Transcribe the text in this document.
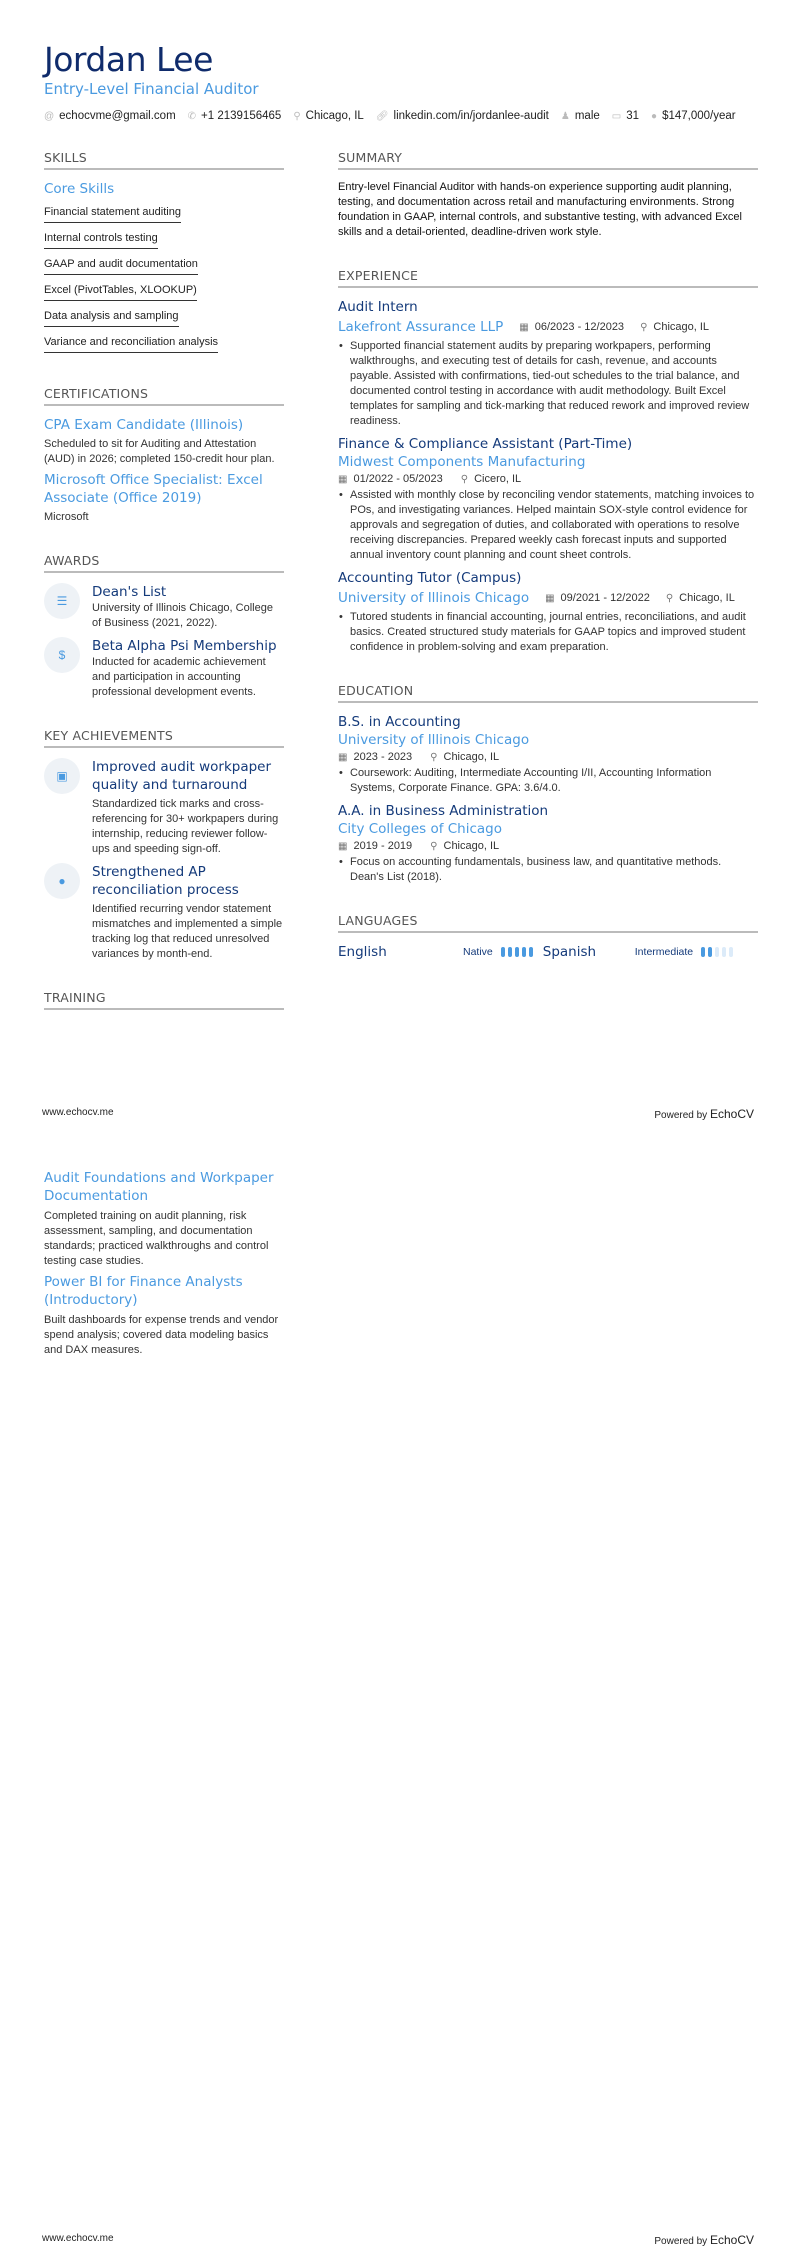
Jordan Lee
Entry-Level Financial Auditor
@ echocvme@gmail.com ✆ +1 2139156465 ⚲ Chicago, IL 🔗︎ linkedin.com/in/jordanlee-audit ♟ male ▭ 31 ● $147,000/year
SKILLS
Core Skills
Financial statement auditing
Internal controls testing
GAAP and audit documentation
Excel (PivotTables, XLOOKUP)
Data analysis and sampling
Variance and reconciliation analysis
CERTIFICATIONS
CPA Exam Candidate (Illinois)
Scheduled to sit for Auditing and Attestation (AUD) in 2026; completed 150-credit hour plan.
Microsoft Office Specialist: Excel Associate (Office 2019)
Microsoft
AWARDS
☰
Dean's List
University of Illinois Chicago, College of Business (2021, 2022).
$
Beta Alpha Psi Membership
Inducted for academic achievement and participation in accounting professional development events.
KEY ACHIEVEMENTS
▣
Improved audit workpaper quality and turnaround
Standardized tick marks and cross-referencing for 30+ workpapers during internship, reducing reviewer follow-ups and speeding sign-off.
●
Strengthened AP reconciliation process
Identified recurring vendor statement mismatches and implemented a simple tracking log that reduced unresolved variances by month-end.
TRAINING
SUMMARY
Entry-level Financial Auditor with hands-on experience supporting audit planning, testing, and documentation across retail and manufacturing environments. Strong foundation in GAAP, internal controls, and substantive testing, with advanced Excel skills and a detail-oriented, deadline-driven work style.
EXPERIENCE
Audit Intern
Lakefront Assurance LLP ▦ 06/2023 - 12/2023 ⚲ Chicago, IL
• Supported financial statement audits by preparing workpapers, performing walkthroughs, and executing test of details for cash, revenue, and accounts payable. Assisted with confirmations, tied-out schedules to the trial balance, and documented control testing in accordance with audit methodology. Built Excel templates for sampling and tick-marking that reduced rework and improved review readiness.
Finance & Compliance Assistant (Part-Time)
Midwest Components Manufacturing
▦ 01/2022 - 05/2023 ⚲ Cicero, IL
• Assisted with monthly close by reconciling vendor statements, matching invoices to POs, and investigating variances. Helped maintain SOX-style control evidence for approvals and segregation of duties, and collaborated with operations to resolve receiving discrepancies. Prepared weekly cash forecast inputs and supported annual inventory count planning and count sheet controls.
Accounting Tutor (Campus)
University of Illinois Chicago ▦ 09/2021 - 12/2022 ⚲ Chicago, IL
• Tutored students in financial accounting, journal entries, reconciliations, and audit basics. Created structured study materials for GAAP topics and improved student confidence in problem-solving and exam preparation.
EDUCATION
B.S. in Accounting
University of Illinois Chicago
▦ 2023 - 2023 ⚲ Chicago, IL
• Coursework: Auditing, Intermediate Accounting I/II, Accounting Information Systems, Corporate Finance. GPA: 3.6/4.0.
A.A. in Business Administration
City Colleges of Chicago
▦ 2019 - 2019 ⚲ Chicago, IL
• Focus on accounting fundamentals, business law, and quantitative methods. Dean's List (2018).
LANGUAGES
English	Native	Spanish	Intermediate
www.echocv.me	Powered by EchoCV
Audit Foundations and Workpaper Documentation
Completed training on audit planning, risk assessment, sampling, and documentation standards; practiced walkthroughs and control testing case studies.
Power BI for Finance Analysts (Introductory)
Built dashboards for expense trends and vendor spend analysis; covered data modeling basics and DAX measures.
www.echocv.me	Powered by EchoCV
